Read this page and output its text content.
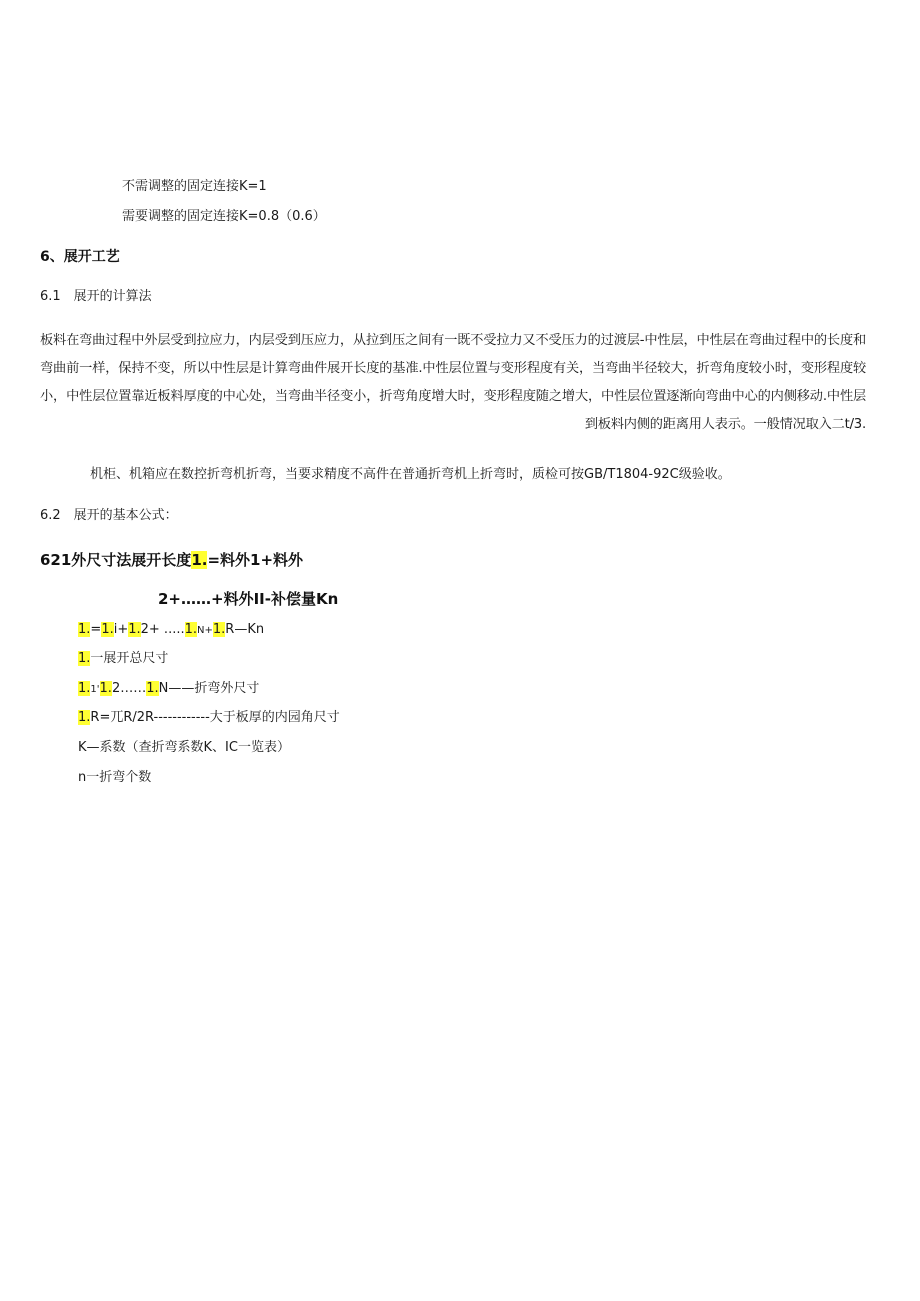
不需调整的固定连接K=1
需要调整的固定连接K=0.8（0.6）
6、展开工艺
6.1　展开的计算法
板料在弯曲过程中外层受到拉应力，内层受到压应力，从拉到压之间有一既不受拉力又不受压力的过渡层-中性层，中性层在弯曲过程中的长度和弯曲前一样，保持不变，所以中性层是计算弯曲件展开长度的基准.中性层位置与变形程度有关，当弯曲半径较大，折弯角度较小时，变形程度较小，中性层位置靠近板料厚度的中心处，当弯曲半径变小，折弯角度增大时，变形程度随之增大，中性层位置逐渐向弯曲中心的内侧移动.中性层到板料内侧的距离用人表示。一般情况取入二t/3.
机柜、机箱应在数控折弯机折弯，当要求精度不高件在普通折弯机上折弯时，质检可按GB/T1804-92C级验收。
6.2　展开的基本公式：
621外尺寸法展开长度1.=料外1+料外
2+……+料外II-补偿量Kn
1.=1.i+1.2+ .....1.N+1.R—Kn
1.一展开总尺寸
1.1'1.2……1.N——折弯外尺寸
1.R=兀R/2R------------大于板厚的内园角尺寸
K—系数（查折弯系数K、IC一览表）
n一折弯个数
